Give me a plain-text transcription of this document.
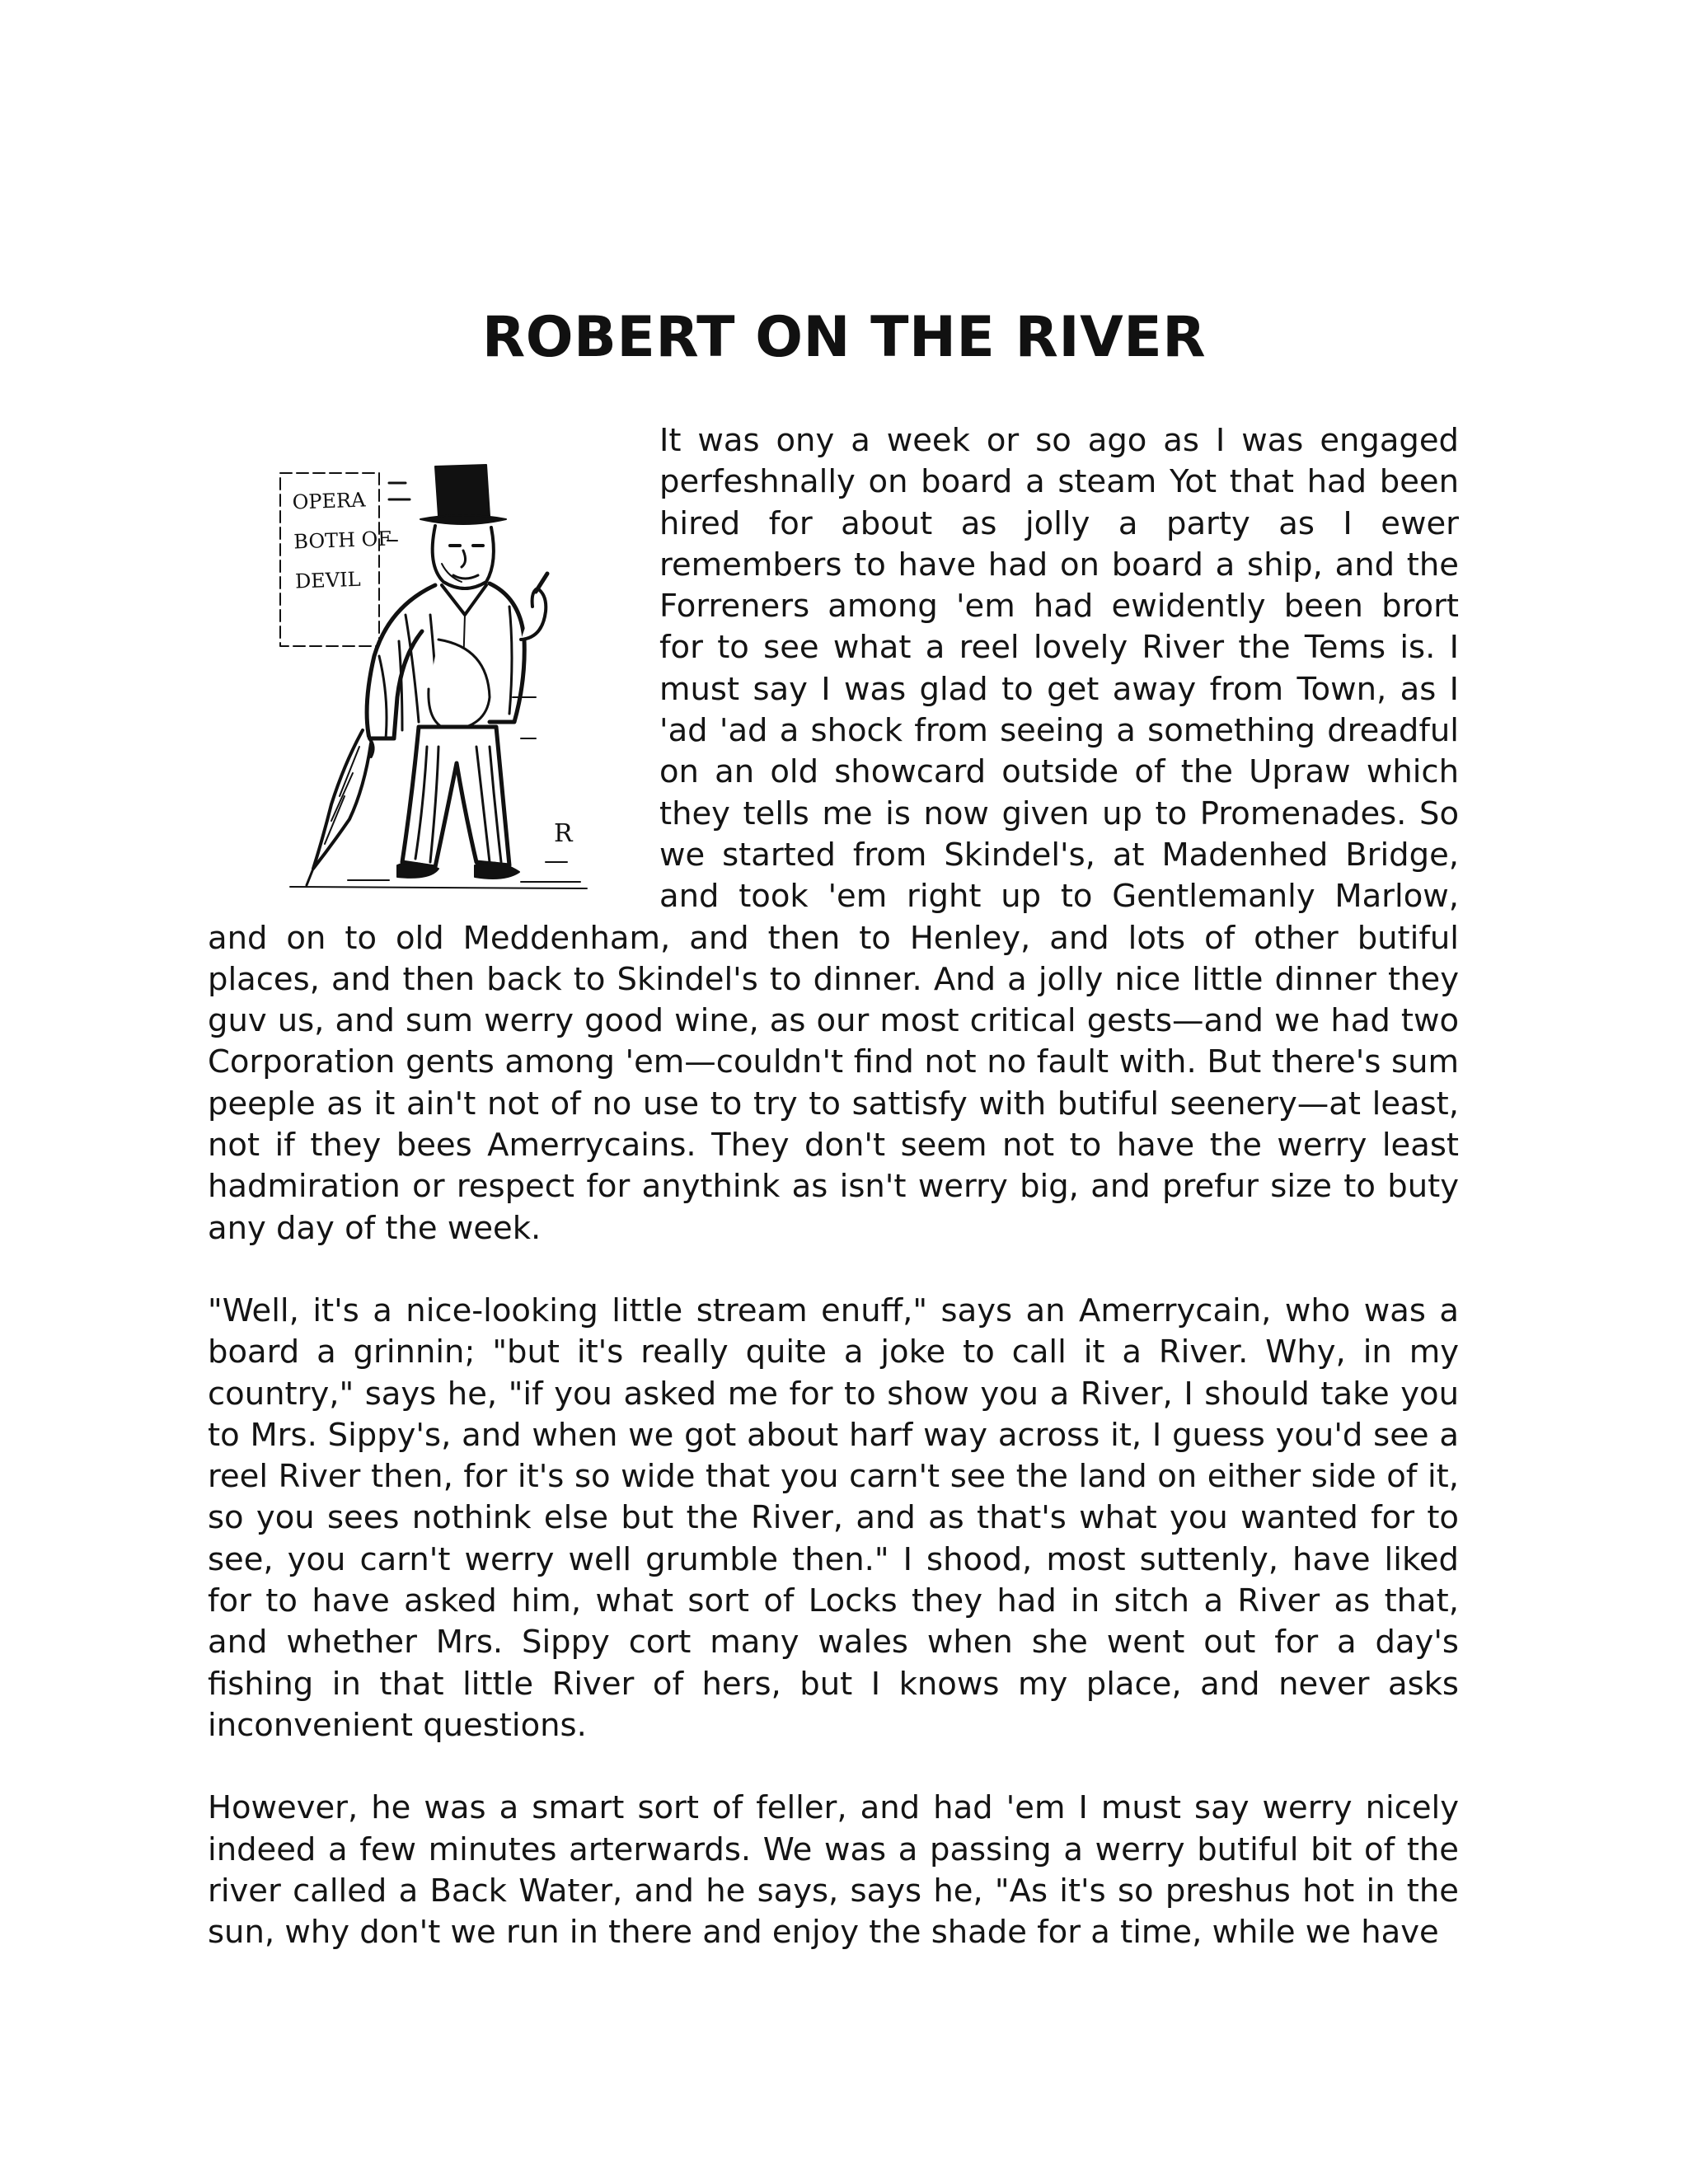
ROBERT ON THE RIVER
OPERABOTH OFDEVIL
R

It was ony a week or so ago as I was engaged perfeshnally on board a steam Yot that had been hired for about as jolly a party as I ewer remembers to have had on board a ship, and the Forreners among 'em had ewidently been brort for to see what a reel lovely River the Tems is. I must say I was glad to get away from Town, as I 'ad 'ad a shock from seeing a something dreadful on an old showcard outside of the Upraw which they tells me is now given up to Promenades. So we started from Skindel's, at Madenhed Bridge, and took 'em right up to Gentlemanly Marlow, and on to old Meddenham, and then to Henley, and lots of other butiful places, and then back to Skindel's to dinner. And a jolly nice little dinner they guv us, and sum werry good wine, as our most critical gests—and we had two Corporation gents among 'em—couldn't find not no fault with. But there's sum peeple as it ain't not of no use to try to sattisfy with butiful seenery—at least, not if they bees Amerrycains. They don't seem not to have the werry least hadmiration or respect for anythink as isn't werry big, and prefur size to buty any day of the week.

"Well, it's a nice-looking little stream enuff," says an Amerrycain, who was a board a grinnin; "but it's really quite a joke to call it a River. Why, in my country," says he, "if you asked me for to show you a River, I should take you to Mrs. Sippy's, and when we got about harf way across it, I guess you'd see a reel River then, for it's so wide that you carn't see the land on either side of it, so you sees nothink else but the River, and as that's what you wanted for to see, you carn't werry well grumble then." I shood, most suttenly, have liked for to have asked him, what sort of Locks they had in sitch a River as that, and whether Mrs. Sippy cort many wales when she went out for a day's fishing in that little River of hers, but I knows my place, and never asks inconvenient questions.

However, he was a smart sort of feller, and had 'em I must say werry nicely indeed a few minutes arterwards. We was a passing a werry butiful bit of the river called a Back Water, and he says, says he, "As it's so preshus hot in the sun, why don't we run in there and enjoy the shade for a time, while we have
